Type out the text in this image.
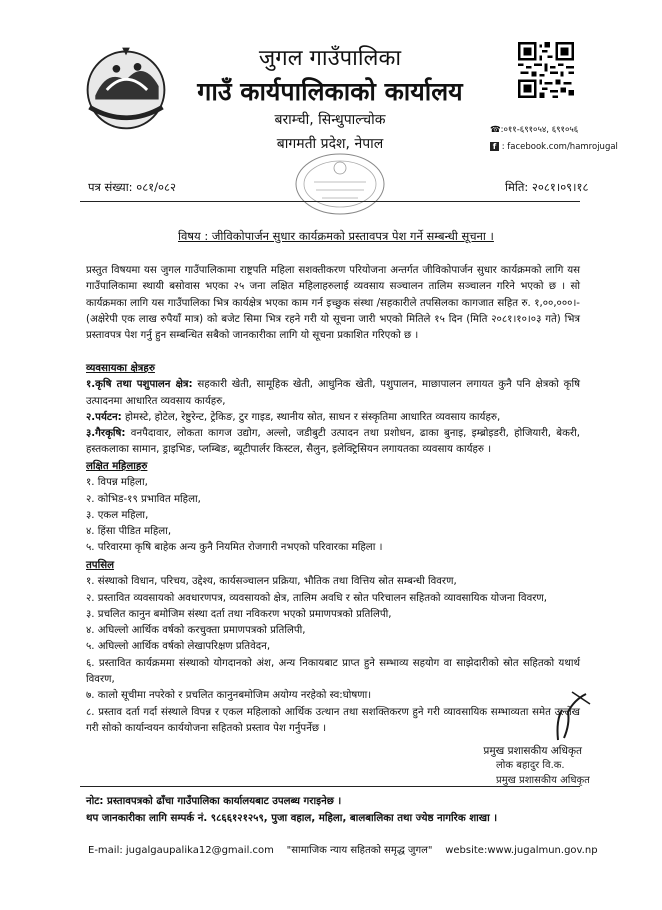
जुगल गाउँपालिका
गाउँ कार्यपालिकाको कार्यालय
बराम्ची, सिन्धुपाल्चोक
बागमती प्रदेश, नेपाल
☎:०११-६९१०५४, ६९१०५६
f : facebook.com/hamrojugal
पत्र संख्या: ०८१/०८२	मिति: २०८१।०९।१८
विषय : जीविकोपार्जन सुधार कार्यक्रमको प्रस्तावपत्र पेश गर्ने सम्बन्धी सूचना ।

प्रस्तुत विषयमा यस जुगल गाउँपालिकामा राष्ट्रपति महिला सशक्तीकरण परियोजना अन्तर्गत जीविकोपार्जन सुधार कार्यक्रमको लागि यस गाउँपालिकामा स्थायी बसोवास भएका २५ जना लक्षित महिलाहरुलाई व्यवसाय सञ्चालन तालिम सञ्चालन गरिने भएको छ । सो कार्यक्रमका लागि यस गाउँपालिका भित्र कार्यक्षेत्र भएका काम गर्न इच्छुक संस्था /सहकारीले तपसिलका कागजात सहित रु. १,००,०००।-(अक्षेरेपी एक लाख रुपैयाँ मात्र) को बजेट सिमा भित्र रहने गरी यो सूचना जारी भएको मितिले १५ दिन (मिति २०८१।१०।०३ गते) भित्र प्रस्तावपत्र पेश गर्नु हुन सम्बन्धित सबैको जानकारीका लागि यो सूचना प्रकाशित गरिएको छ ।

व्यवसायका क्षेत्रहरु

१.कृषि तथा पशुपालन क्षेत्र: सहकारी खेती, सामूहिक खेती, आधुनिक खेती, पशुपालन, माछापालन लगायत कुनै पनि क्षेत्रको कृषि उत्पादनमा आधारित व्यवसाय कार्यहरु,

२.पर्यटन: होमस्टे, होटेल, रेष्टुरेन्ट, ट्रेकिङ, टुर गाइड, स्थानीय स्रोत, साधन र संस्कृतिमा आधारित व्यवसाय कार्यहरु,

३.गैरकृषि: वनपैदावार, लोकता कागज उद्योग, अल्लो, जडीबुटी उत्पादन तथा प्रशोधन, ढाका बुनाइ, इम्ब्रोइडरी, होजियारी, बेकरी, हस्तकलाका सामान, ड्राइभिङ, प्लम्बिङ, ब्यूटीपार्लर किस्टल, सैलुन, इलेक्ट्रिसियन लगायतका व्यवसाय कार्यहरु ।

लक्षित महिलाहरु

१. विपन्न महिला,

२. कोभिड-१९ प्रभावित महिला,

३. एकल महिला,

४. हिंसा पीडित महिला,

५. परिवारमा कृषि बाहेक अन्य कुनै नियमित रोजगारी नभएको परिवारका महिला ।

तपसिल

१. संस्थाको विधान, परिचय, उद्देश्य, कार्यसञ्चालन प्रक्रिया, भौतिक तथा वित्तिय स्रोत सम्बन्धी विवरण,

२. प्रस्तावित व्यवसायको अवधारणपत्र, व्यवसायको क्षेत्र, तालिम अवधि र स्रोत परिचालन सहितको व्यावसायिक योजना विवरण,

३. प्रचलित कानुन बमोजिम संस्था दर्ता तथा नविकरण भएको प्रमाणपत्रको प्रतिलिपी,

४. अघिल्लो आर्थिक वर्षको करचुक्ता प्रमाणपत्रको प्रतिलिपी,

५. अघिल्लो आर्थिक वर्षको लेखापरिक्षण प्रतिवेदन,

६. प्रस्तावित कार्यक्रममा संस्थाको योगदानको अंश, अन्य निकायबाट प्राप्त हुने सम्भाव्य सहयोग वा साझेदारीको स्रोत सहितको यथार्थ विवरण,

७. कालो सूचीमा नपरेको र प्रचलित कानुनबमोजिम अयोग्य नरहेको स्व:घोषणा।

८. प्रस्ताव दर्ता गर्दा संस्थाले विपन्न र एकल महिलाको आर्थिक उत्थान तथा सशक्तिकरण हुने गरी व्यावसायिक सम्भाव्यता समेत उल्लेख गरी सोको कार्यान्वयन कार्ययोजना सहितको प्रस्ताव पेश गर्नुपर्नेछ ।

प्रमुख प्रशासकीय अधिकृत
लोक बहादुर वि.क.
प्रमुख प्रशासकीय अधिकृत
नोट: प्रस्तावपत्रको ढाँचा गाउँपालिका कार्यालयबाट उपलब्ध गराइनेछ ।
थप जानकारीका लागि सम्पर्क नं. ९८६६१२१२५९, पुजा वहाल, महिला, बालबालिका तथा ज्येष्ठ नागरिक शाखा ।
E-mail: jugalgaupalika12@gmail.com "सामाजिक न्याय सहितको समृद्ध जुगल" website:www.jugalmun.gov.np
